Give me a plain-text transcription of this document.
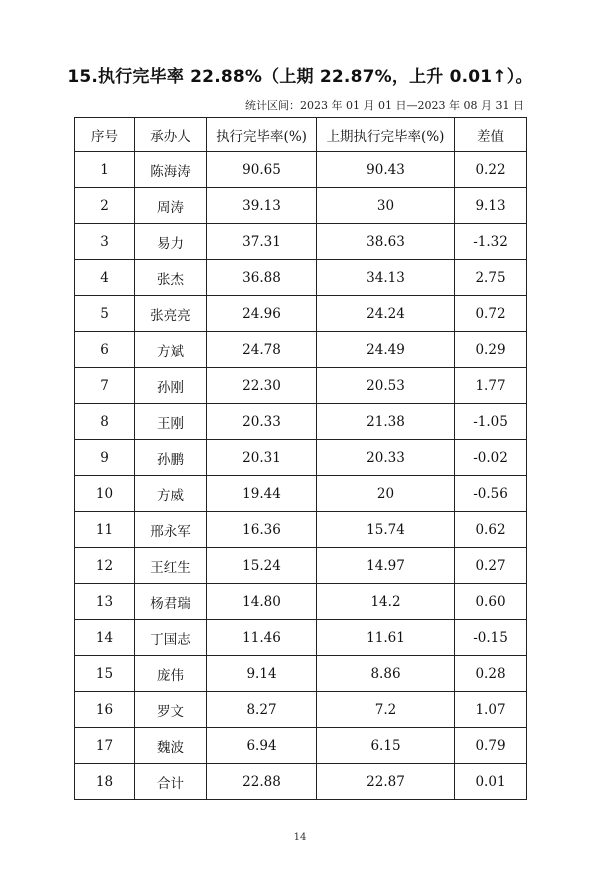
15.执行完毕率 22.88%（上期 22.87%，上升 0.01↑）。
统计区间：2023 年 01 月 01 日—2023 年 08 月 31 日
序号	承办人	执行完毕率(%)	上期执行完毕率(%)	差值
1	陈海涛	90.65	90.43	0.22
2	周涛	39.13	30	9.13
3	易力	37.31	38.63	-1.32
4	张杰	36.88	34.13	2.75
5	张亮亮	24.96	24.24	0.72
6	方斌	24.78	24.49	0.29
7	孙刚	22.30	20.53	1.77
8	王刚	20.33	21.38	-1.05
9	孙鹏	20.31	20.33	-0.02
10	方威	19.44	20	-0.56
11	邢永军	16.36	15.74	0.62
12	王红生	15.24	14.97	0.27
13	杨君瑞	14.80	14.2	0.60
14	丁国志	11.46	11.61	-0.15
15	庞伟	9.14	8.86	0.28
16	罗文	8.27	7.2	1.07
17	魏波	6.94	6.15	0.79
18	合计	22.88	22.87	0.01
14
